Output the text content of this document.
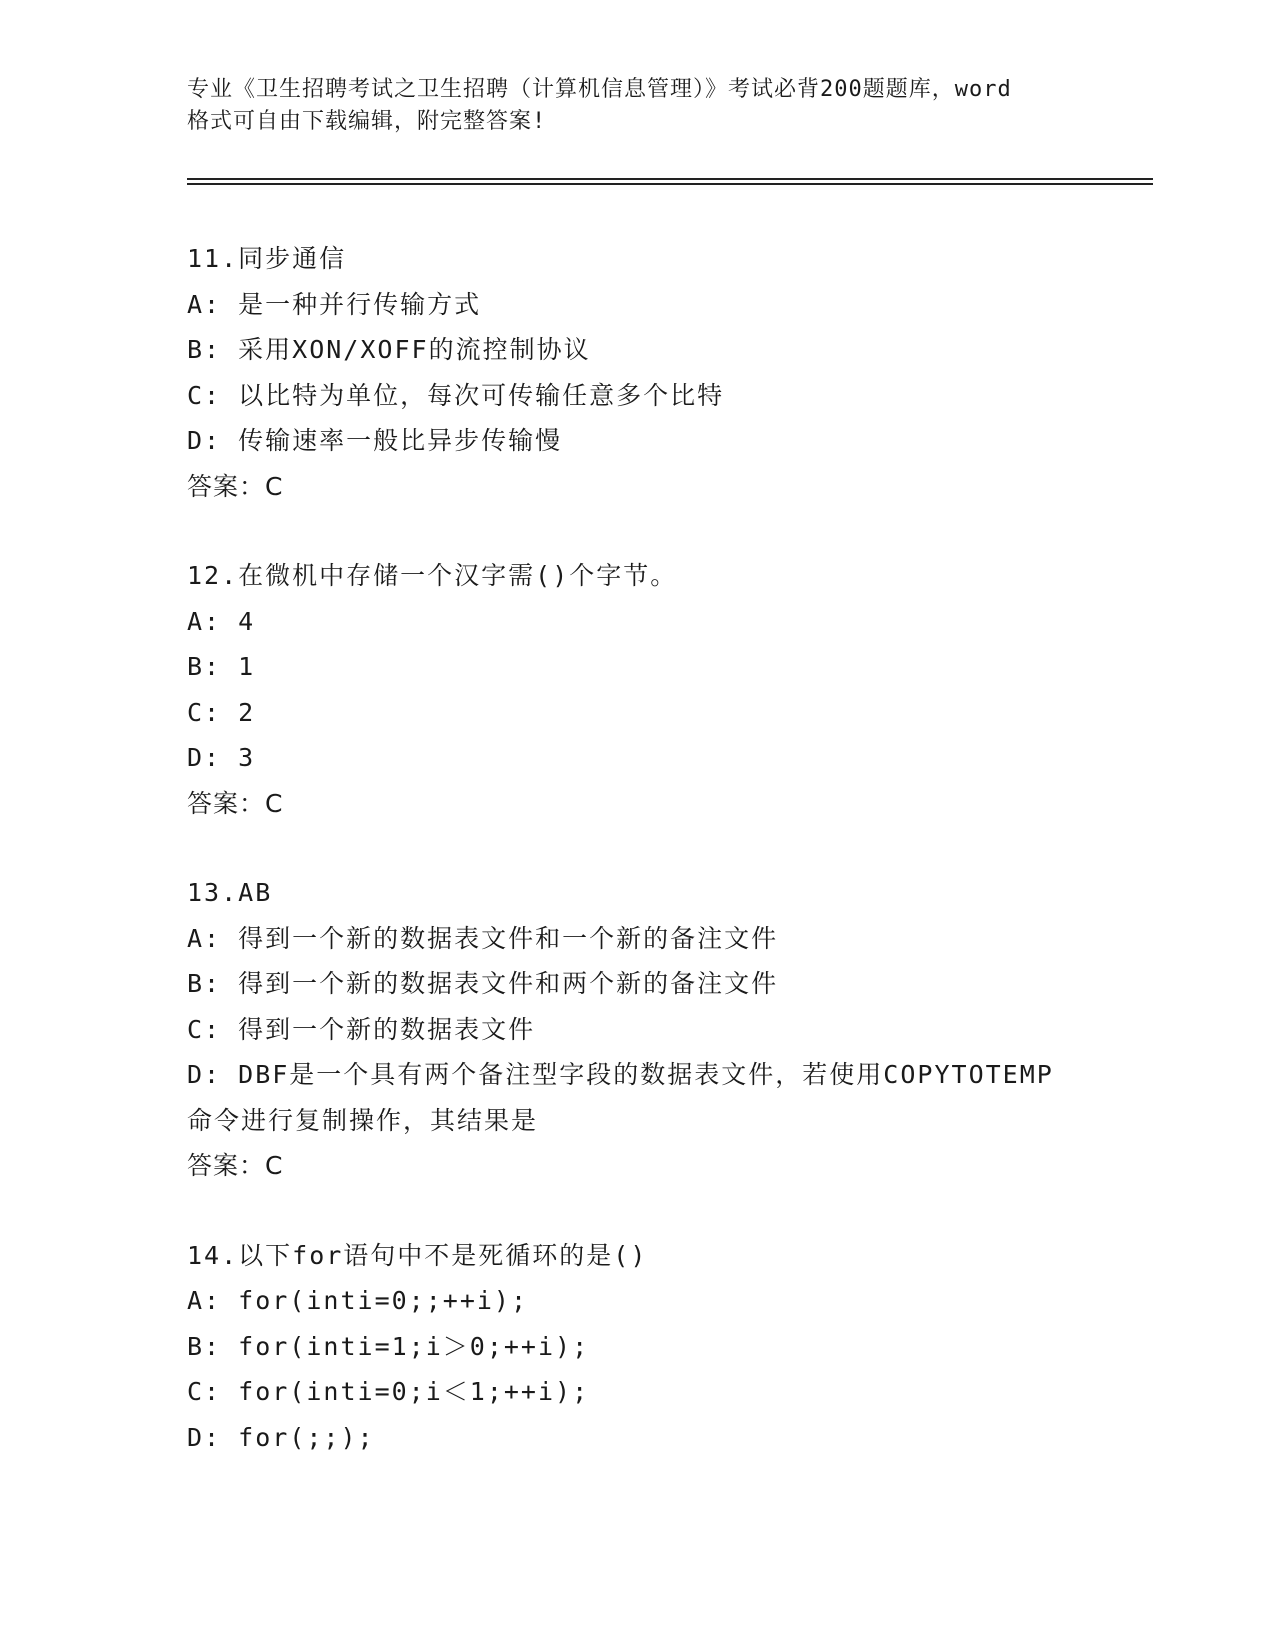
专业《卫生招聘考试之卫生招聘（计算机信息管理）》考试必背200题题库，word
格式可自由下载编辑，附完整答案!
11.同步通信
A: 是一种并行传输方式
B: 采用XON/XOFF的流控制协议
C: 以比特为单位，每次可传输任意多个比特
D: 传输速率一般比异步传输慢
答案：C
12.在微机中存储一个汉字需()个字节。
A: 4
B: 1
C: 2
D: 3
答案：C
13.AB
A: 得到一个新的数据表文件和一个新的备注文件
B: 得到一个新的数据表文件和两个新的备注文件
C: 得到一个新的数据表文件
D: DBF是一个具有两个备注型字段的数据表文件，若使用COPYTOTEMP
命令进行复制操作，其结果是
答案：C
14.以下for语句中不是死循环的是()
A: for(inti=0;;++i);
B: for(inti=1;i＞0;++i);
C: for(inti=0;i＜1;++i);
D: for(;;);
